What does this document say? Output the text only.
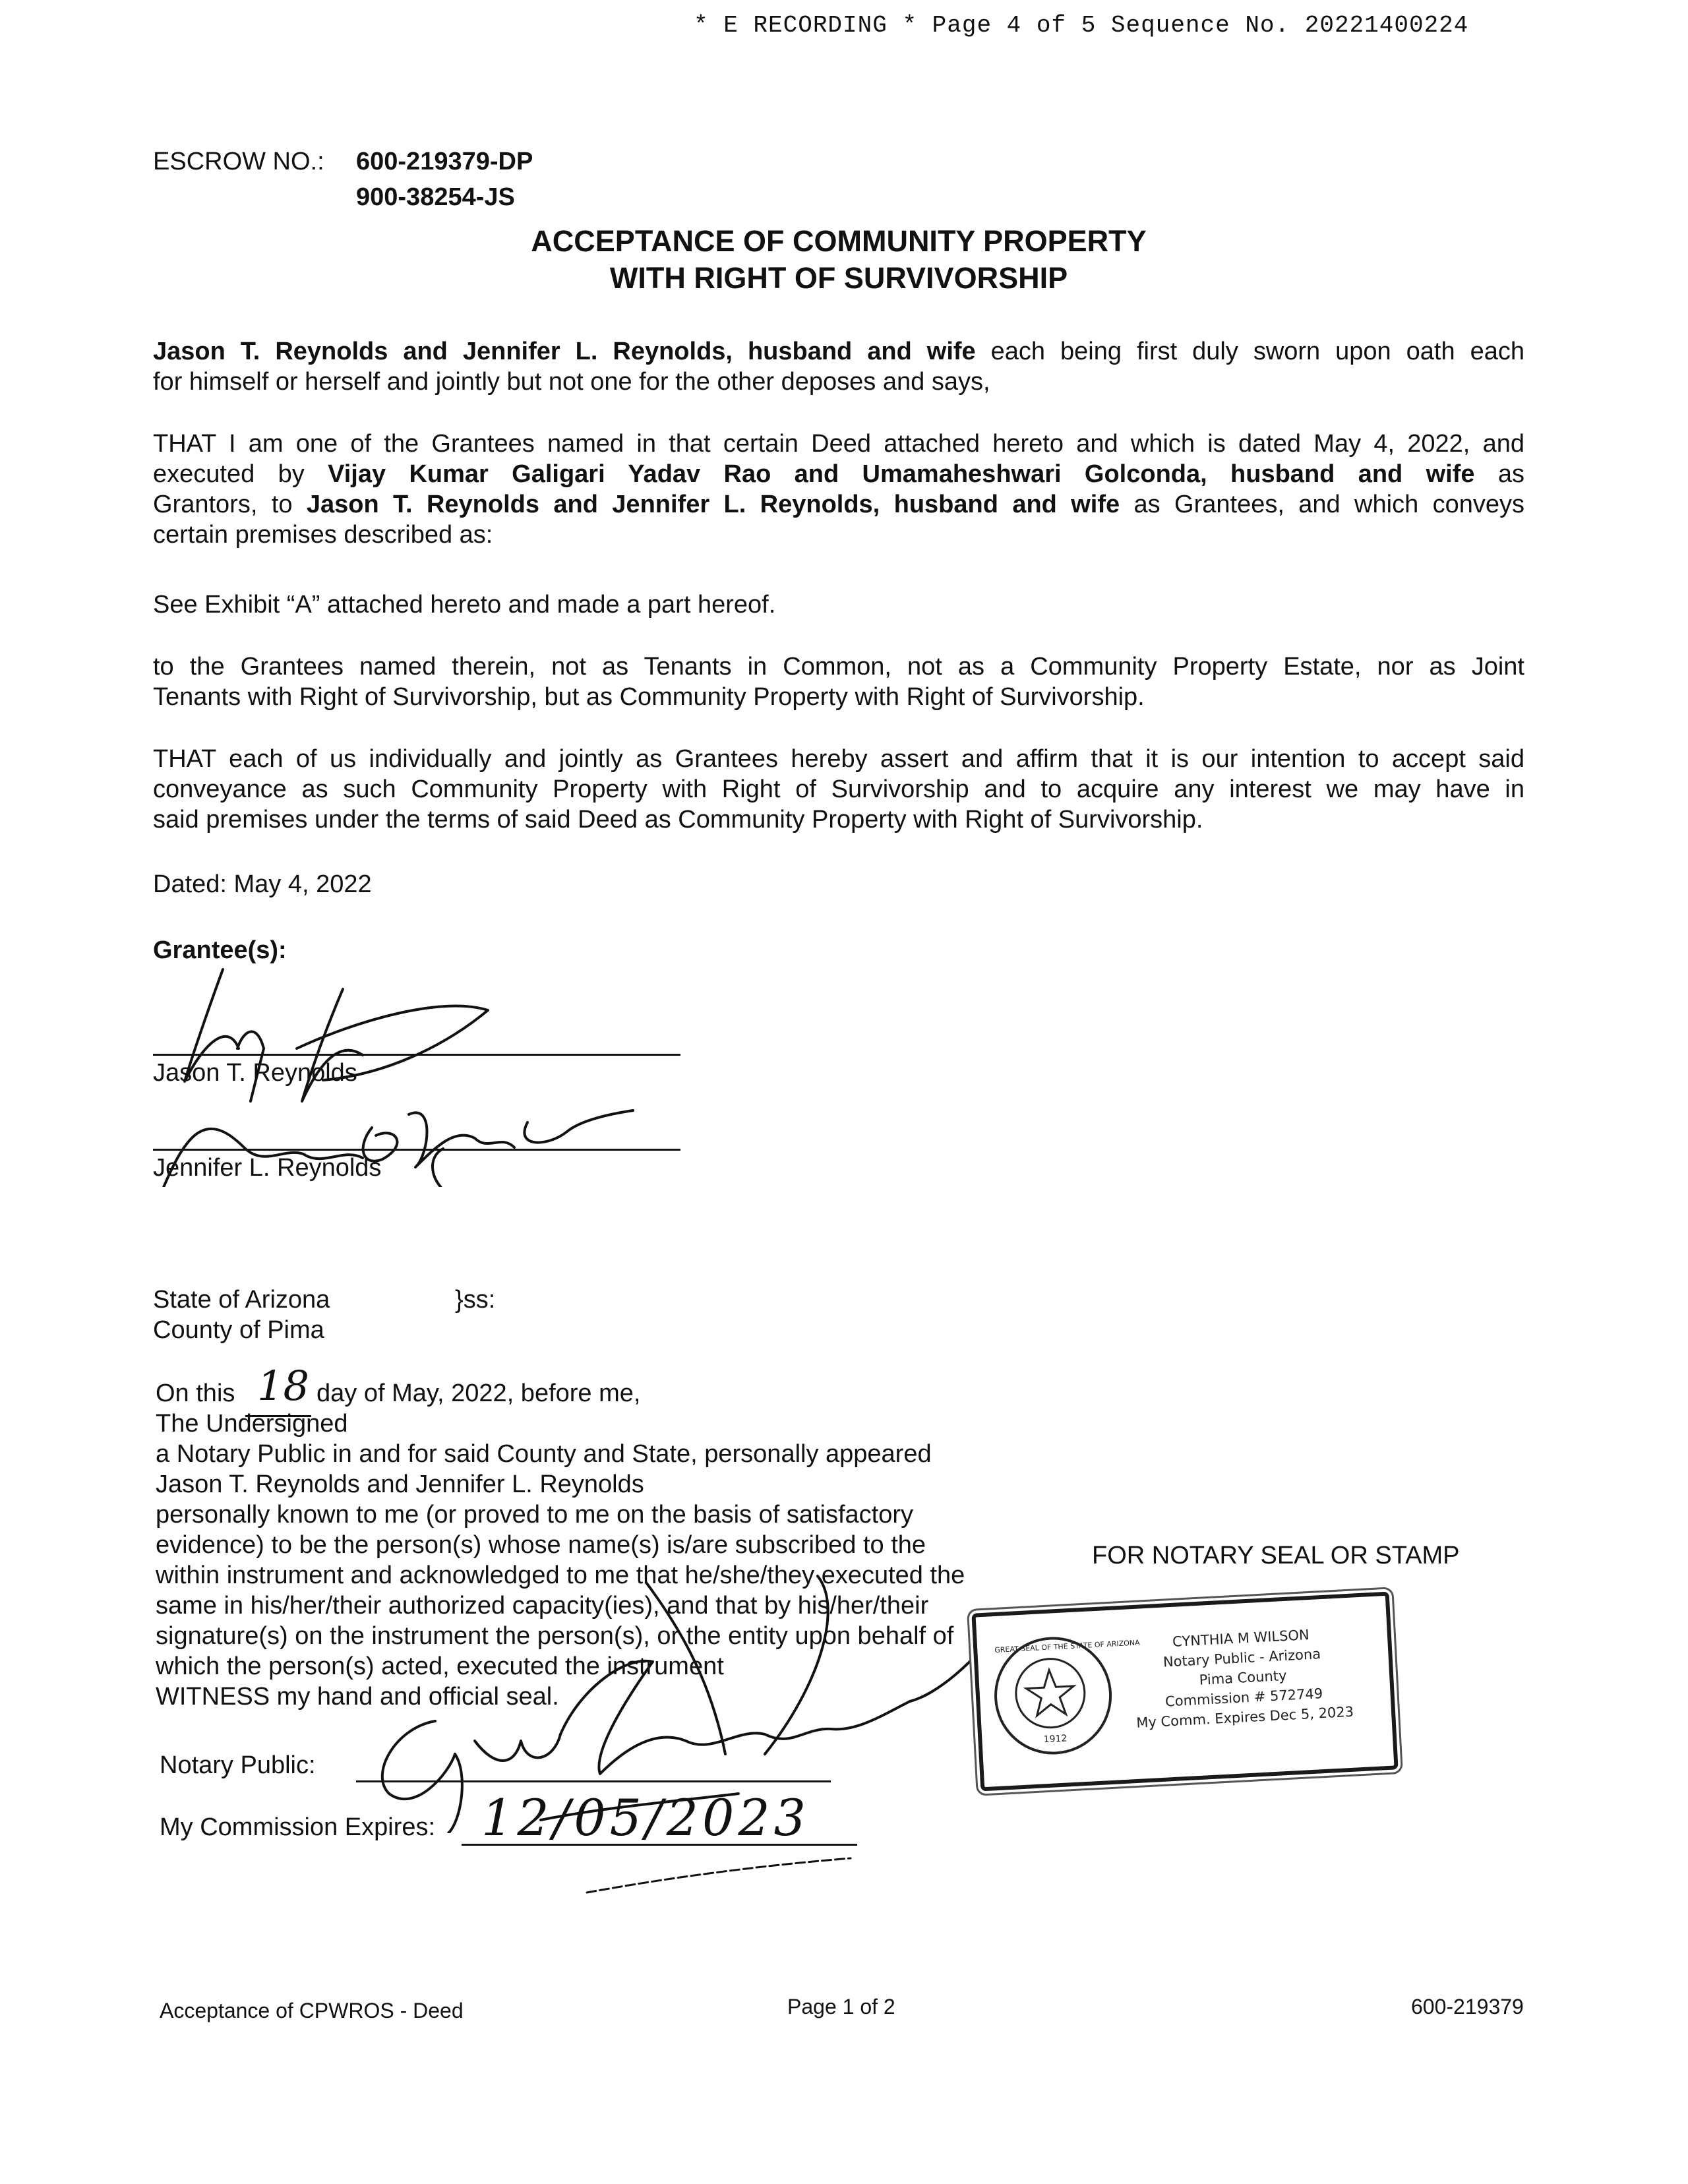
* E RECORDING * Page 4 of 5 Sequence No. 20221400224
ESCROW NO.: 600-219379-DP
900-38254-JS
ACCEPTANCE OF COMMUNITY PROPERTY
WITH RIGHT OF SURVIVORSHIP
Jason T. Reynolds and Jennifer L. Reynolds, husband and wife each being first duly sworn upon oath each
for himself or herself and jointly but not one for the other deposes and says,
THAT I am one of the Grantees named in that certain Deed attached hereto and which is dated May 4, 2022, and
executed by Vijay Kumar Galigari Yadav Rao and Umamaheshwari Golconda, husband and wife as
Grantors, to Jason T. Reynolds and Jennifer L. Reynolds, husband and wife as Grantees, and which conveys
certain premises described as:
See Exhibit “A” attached hereto and made a part hereof.
to the Grantees named therein, not as Tenants in Common, not as a Community Property Estate, nor as Joint
Tenants with Right of Survivorship, but as Community Property with Right of Survivorship.
THAT each of us individually and jointly as Grantees hereby assert and affirm that it is our intention to accept said
conveyance as such Community Property with Right of Survivorship and to acquire any interest we may have in
said premises under the terms of said Deed as Community Property with Right of Survivorship.
Dated: May 4, 2022
Grantee(s):
Jason T. Reynolds
Jennifer L. Reynolds
State of Arizona
County of Pima
}ss:
On this 18 day of May, 2022, before me,
The Undersigned
a Notary Public in and for said County and State, personally appeared
Jason T. Reynolds and Jennifer L. Reynolds
personally known to me (or proved to me on the basis of satisfactory
evidence) to be the person(s) whose name(s) is/are subscribed to the
within instrument and acknowledged to me that he/she/they executed the
same in his/her/their authorized capacity(ies), and that by his/her/their
signature(s) on the instrument the person(s), or the entity upon behalf of
which the person(s) acted, executed the instrument
WITNESS my hand and official seal.
Notary Public:
My Commission Expires: 12/05/2023
FOR NOTARY SEAL OR STAMP
GREAT SEAL OF THE STATE OF ARIZONA
1912
CYNTHIA M WILSON
Notary Public - Arizona
Pima County
Commission # 572749
My Comm. Expires Dec 5, 2023
Acceptance of CPWROS - Deed	Page 1 of 2	600-219379
